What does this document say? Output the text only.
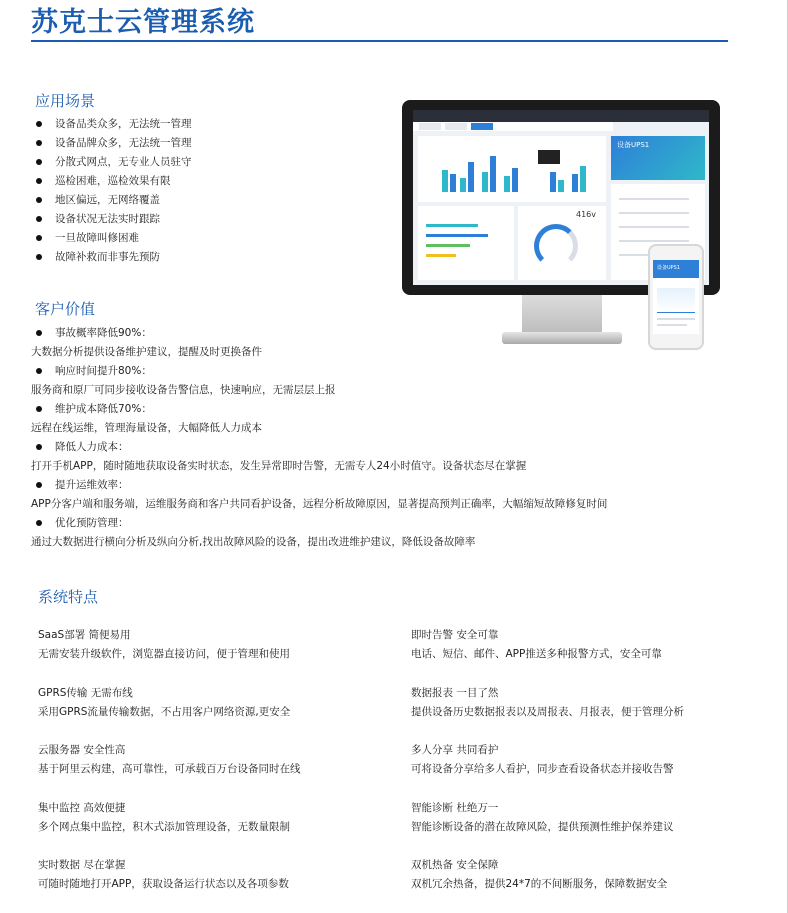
苏克士云管理系统
应用场景
设备品类众多，无法统一管理
设备品牌众多，无法统一管理
分散式网点，无专业人员驻守
巡检困难，巡检效果有限
地区偏远，无网络覆盖
设备状况无法实时跟踪
一旦故障叫修困难
故障补救而非事先预防
客户价值
事故概率降低90%：
大数据分析提供设备维护建议，提醒及时更换备件
响应时间提升80%：
服务商和原厂可同步接收设备告警信息，快速响应，无需层层上报
维护成本降低70%：
远程在线运维，管理海量设备，大幅降低人力成本
降低人力成本：
打开手机APP，随时随地获取设备实时状态，发生异常即时告警，无需专人24小时值守。设备状态尽在掌握
提升运维效率：
APP分客户端和服务端，运维服务商和客户共同看护设备，远程分析故障原因，显著提高预判正确率，大幅缩短故障修复时间
优化预防管理：
通过大数据进行横向分析及纵向分析,找出故障风险的设备，提出改进维护建议，降低设备故障率
系统特点
SaaS部署 简便易用
无需安装升级软件，浏览器直接访问，便于管理和使用
GPRS传输 无需布线
采用GPRS流量传输数据，不占用客户网络资源,更安全
云服务器 安全性高
基于阿里云构建，高可靠性，可承载百万台设备同时在线
集中监控 高效便捷
多个网点集中监控，积木式添加管理设备，无数量限制
实时数据 尽在掌握
可随时随地打开APP，获取设备运行状态以及各项参数
即时告警 安全可靠
电话、短信、邮件、APP推送多种报警方式，安全可靠
数据报表 一目了然
提供设备历史数据报表以及周报表、月报表，便于管理分析
多人分享 共同看护
可将设备分享给多人看护，同步查看设备状态并接收告警
智能诊断 杜绝万一
智能诊断设备的潜在故障风险，提供预测性维护保养建议
双机热备 安全保障
双机冗余热备，提供24*7的不间断服务，保障数据安全
设备UPS1
416v
设备UPS1
